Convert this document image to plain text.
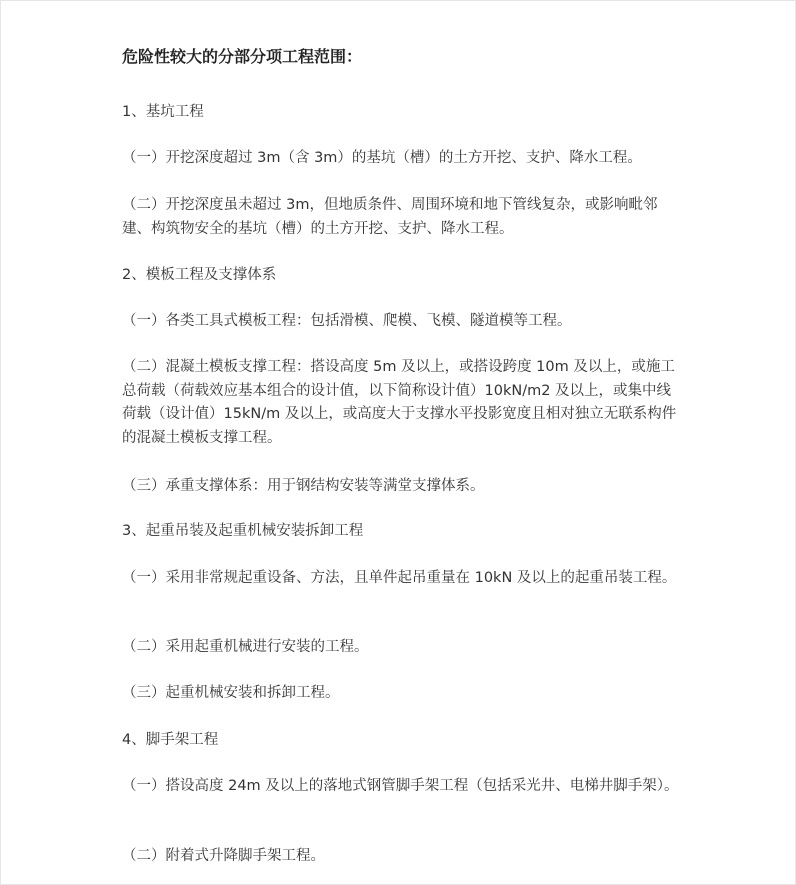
危险性较大的分部分项工程范围：

1、基坑工程

（一）开挖深度超过 3m（含 3m）的基坑（槽）的土方开挖、支护、降水工程。

（二）开挖深度虽未超过 3m，但地质条件、周围环境和地下管线复杂，或影响毗邻建、构筑物安全的基坑（槽）的土方开挖、支护、降水工程。

2、模板工程及支撑体系

（一）各类工具式模板工程：包括滑模、爬模、飞模、隧道模等工程。

（二）混凝土模板支撑工程：搭设高度 5m 及以上，或搭设跨度 10m 及以上，或施工总荷载（荷载效应基本组合的设计值，以下简称设计值）10kN/m2 及以上，或集中线荷载（设计值）15kN/m 及以上，或高度大于支撑水平投影宽度且相对独立无联系构件的混凝土模板支撑工程。

（三）承重支撑体系：用于钢结构安装等满堂支撑体系。

3、起重吊装及起重机械安装拆卸工程

（一）采用非常规起重设备、方法，且单件起吊重量在 10kN 及以上的起重吊装工程。

（二）采用起重机械进行安装的工程。

（三）起重机械安装和拆卸工程。

4、脚手架工程

（一）搭设高度 24m 及以上的落地式钢管脚手架工程（包括采光井、电梯井脚手架）。

（二）附着式升降脚手架工程。
